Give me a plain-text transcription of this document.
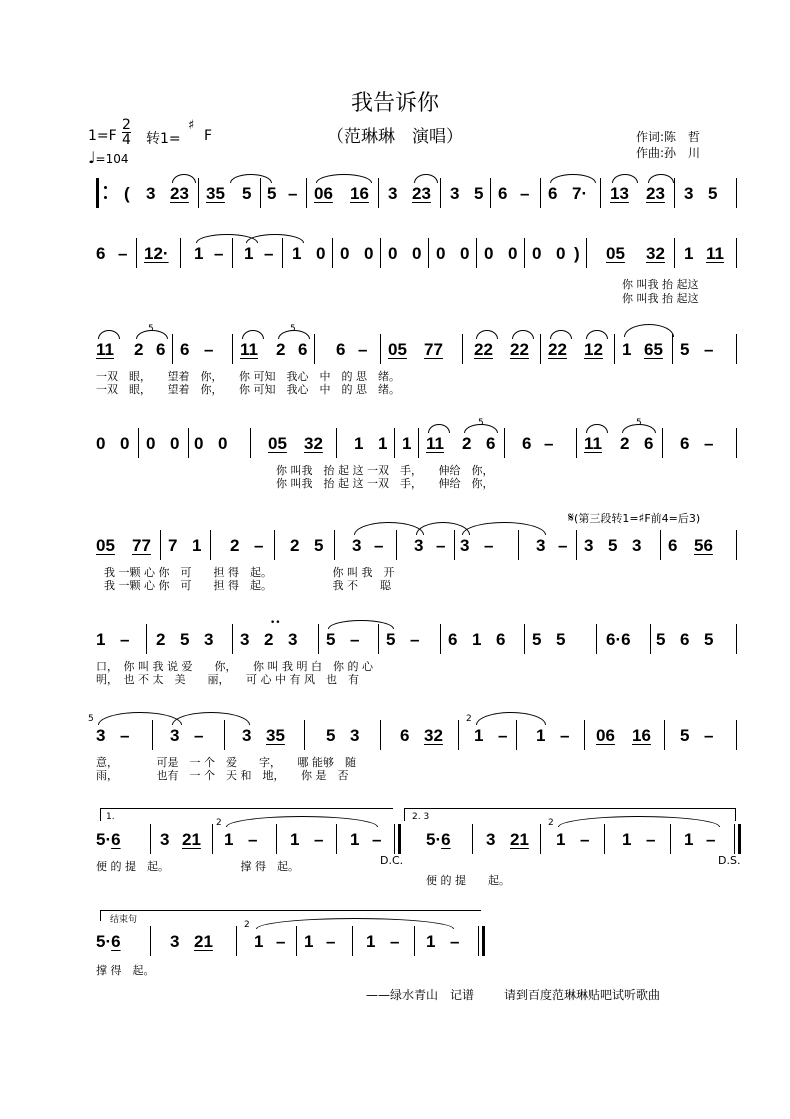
我告诉你
（范琳琳　演唱）
$1=F \frac{2}{4}$ 转1=
♯
F
♩=104
作词:陈　哲
作曲:孙　川
( 3 23 35 5 5 – 06 16 3 23 3 5 6 – 6 7· 13 23 3 5
6 – 12· 1 – 1 – 1 0 0 0 0 0 0 0 0 0 0 0 ) 05 32 1 11
你 叫我 抬 起这
你 叫我 抬 起这
11 2 6 6 – 11 2 6 6 – 05 77 22 22 22 12 1 65 5 –
5	5
一双　眼，　　望着　你，　　你 可知　我心　中　的 思　绪。
一双　眼，　　望着　你，　　你 可知　我心　中　的 思　绪。
0 0 0 0 0 0 05 32 1 1 1 11 2 6 6 – 11 2 6 6 –
5	5
你 叫我　抬 起 这 一双　手，　　伸给　你，
你 叫我　抬 起 这 一双　手，　　伸给　你，
𝄋(第三段转1=♯F前4=后3)
05 77 7 1 2 – 2 5 3 – 3 – 3 –	3 – 3 5 3 6 56
我 一颗 心 你　可　　担 得　起。　　　　　　你 叫 我　开
我 一颗 心 你　可　　担 得　起。　　　　　　我 不　　聪
1 – 2 5 3 3 2 3 5 – 5 – 6 1 6 5 5 6·6 5 6 5
••
口，　你 叫 我 说 爱　　你，　　你 叫 我 明 白　你 的 心
明，　也 不 太　美　　丽，　　可 心 中 有 风　也　有
3 – 3 – 3 35 5 3 6 32 1 – 1 – 06 16 5 –
5	2
意，　　　　可是　一 个　爱　　字，　　哪 能够　随
雨，　　　　也有　一 个　天 和　地，　　你 是　否
1.	2. 3
5·6 3 21 1 – 1 – 1 –
D.C.
5·6 3 21 1 – 1 – 1 –
D.S.
2	2
便 的 提　起。　　　　　　　撑 得　起。
便 的 提　　起。
结束句
5·6	3 21 1 – 1 – 1 – 1 –
2
撑 得　起。
——绿水青山　记谱 请到百度范琳琳贴吧试听歌曲
